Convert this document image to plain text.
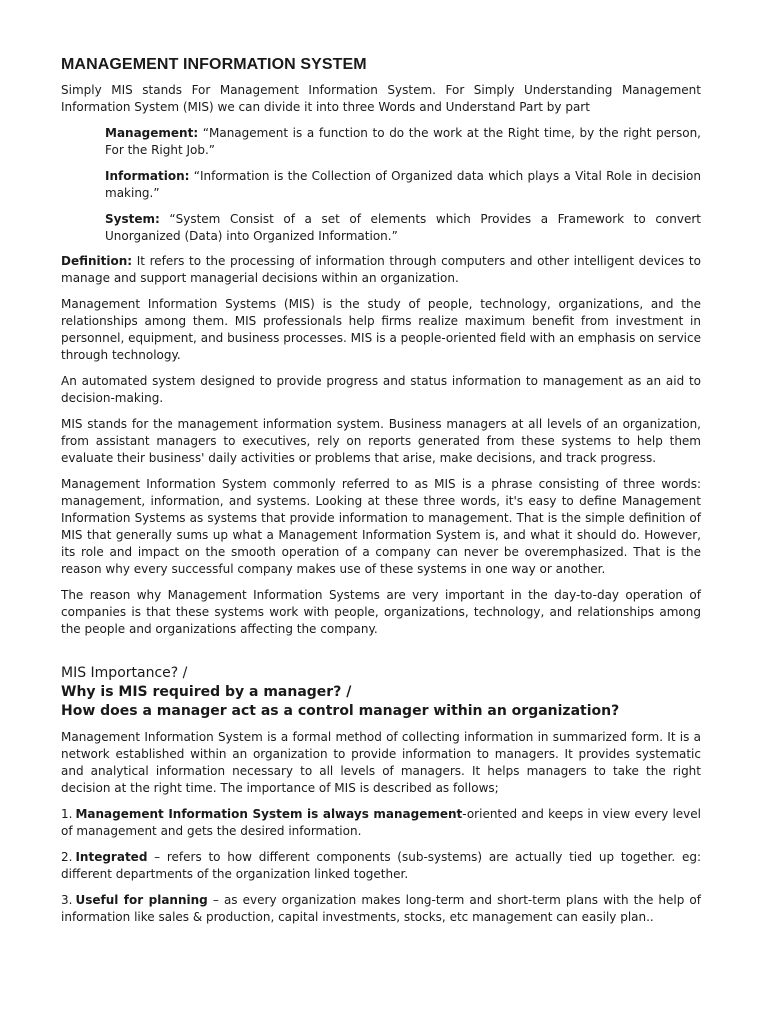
MANAGEMENT INFORMATION SYSTEM

Simply MIS stands For Management Information System. For Simply Understanding Management Information System (MIS) we can divide it into three Words and Understand Part by part

Management: “Management is a function to do the work at the Right time, by the right person, For the Right Job.”

Information: “Information is the Collection of Organized data which plays a Vital Role in decision making.”

System: “System Consist of a set of elements which Provides a Framework to convert Unorganized (Data) into Organized Information.”

Definition: It refers to the processing of information through computers and other intelligent devices to manage and support managerial decisions within an organization.

Management Information Systems (MIS) is the study of people, technology, organizations, and the relationships among them. MIS professionals help firms realize maximum benefit from investment in personnel, equipment, and business processes. MIS is a people-oriented field with an emphasis on service through technology.

An automated system designed to provide progress and status information to management as an aid to decision-making.

MIS stands for the management information system. Business managers at all levels of an organization, from assistant managers to executives, rely on reports generated from these systems to help them evaluate their business' daily activities or problems that arise, make decisions, and track progress.

Management Information System commonly referred to as MIS is a phrase consisting of three words: management, information, and systems. Looking at these three words, it's easy to define Management Information Systems as systems that provide information to management. That is the simple definition of MIS that generally sums up what a Management Information System is, and what it should do. However, its role and impact on the smooth operation of a company can never be overemphasized. That is the reason why every successful company makes use of these systems in one way or another.

The reason why Management Information Systems are very important in the day-to-day operation of companies is that these systems work with people, organizations, technology, and relationships among the people and organizations affecting the company.

MIS Importance? /
Why is MIS required by a manager? /
How does a manager act as a control manager within an organization?

Management Information System is a formal method of collecting information in summarized form. It is a network established within an organization to provide information to managers. It provides systematic and analytical information necessary to all levels of managers. It helps managers to take the right decision at the right time. The importance of MIS is described as follows;

1. Management Information System is always management-oriented and keeps in view every level of management and gets the desired information.

2. Integrated – refers to how different components (sub-systems) are actually tied up together. eg: different departments of the organization linked together.

3. Useful for planning – as every organization makes long-term and short-term plans with the help of information like sales & production, capital investments, stocks, etc management can easily plan..
